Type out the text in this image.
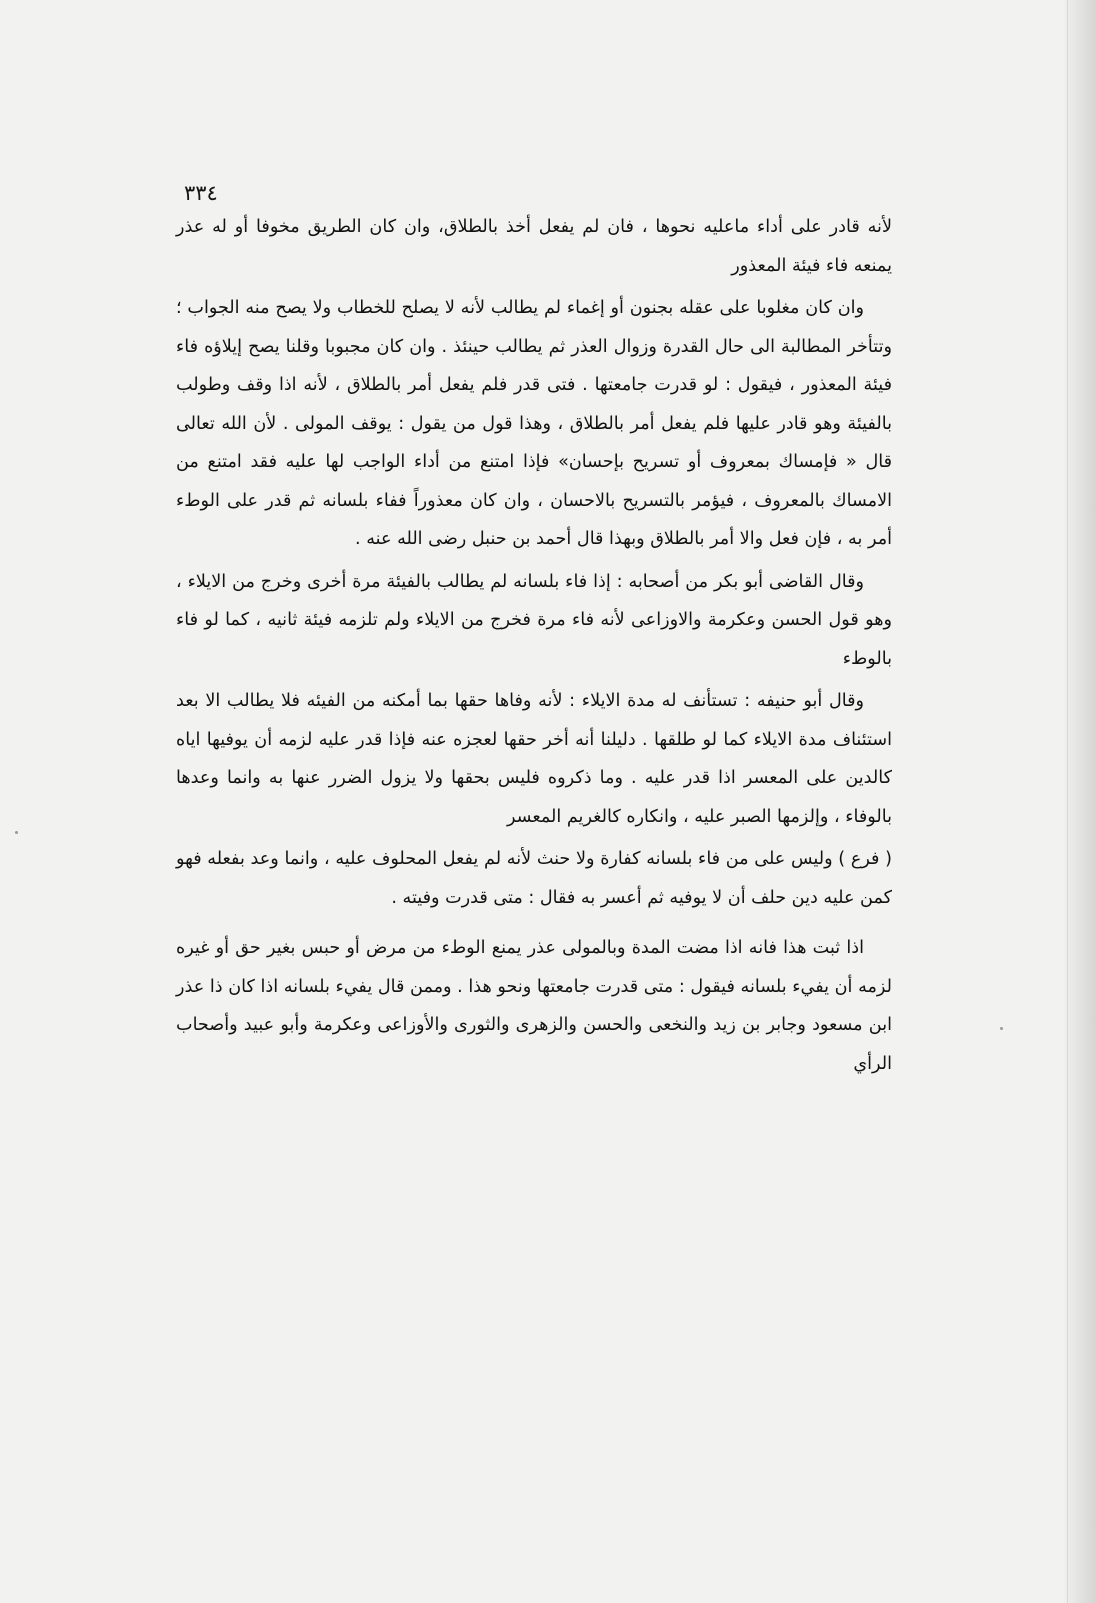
٣٣٤

لأنه قادر على أداء ماعليه نحوها ، فان لم يفعل أخذ بالطلاق، وان كان الطريق مخوفا أو له عذر يمنعه فاء فيئة المعذور

وان كان مغلوبا على عقله بجنون أو إغماء لم يطالب لأنه لا يصلح للخطاب ولا يصح منه الجواب ؛ وتتأخر المطالبة الى حال القدرة وزوال العذر ثم يطالب حينئذ . وان كان مجبوبا وقلنا يصح إيلاؤه فاء فيئة المعذور ، فيقول : لو قدرت جامعتها . فتى قدر فلم يفعل أمر بالطلاق ، لأنه اذا وقف وطولب بالفيئة وهو قادر عليها فلم يفعل أمر بالطلاق ، وهذا قول من يقول : يوقف المولى . لأن الله تعالى قال « فإمساك بمعروف أو تسريح بإحسان» فإذا امتنع من أداء الواجب لها عليه فقد امتنع من الامساك بالمعروف ، فيؤمر بالتسريح بالاحسان ، وان كان معذوراً ففاء بلسانه ثم قدر على الوطء أمر به ، فإن فعل والا أمر بالطلاق وبهذا قال أحمد بن حنبل رضى الله عنه .

وقال القاضى أبو بكر من أصحابه : إذا فاء بلسانه لم يطالب بالفيئة مرة أخرى وخرج من الايلاء ، وهو قول الحسن وعكرمة والاوزاعى لأنه فاء مرة فخرج من الايلاء ولم تلزمه فيئة ثانيه ، كما لو فاء بالوطء

وقال أبو حنيفه : تستأنف له مدة الايلاء : لأنه وفاها حقها بما أمكنه من الفيئه فلا يطالب الا بعد استئناف مدة الايلاء كما لو طلقها . دليلنا أنه أخر حقها لعجزه عنه فإذا قدر عليه لزمه أن يوفيها اياه كالدين على المعسر اذا قدر عليه . وما ذكروه فليس بحقها ولا يزول الضرر عنها به وانما وعدها بالوفاء ، وإلزمها الصبر عليه ، وانكاره كالغريم المعسر

( فرع ) وليس على من فاء بلسانه كفارة ولا حنث لأنه لم يفعل المحلوف عليه ، وانما وعد بفعله فهو كمن عليه دين حلف أن لا يوفيه ثم أعسر به فقال : متى قدرت وفيته .

اذا ثبت هذا فانه اذا مضت المدة وبالمولى عذر يمنع الوطء من مرض أو حبس بغير حق أو غيره لزمه أن يفيء بلسانه فيقول : متى قدرت جامعتها ونحو هذا . وممن قال يفيء بلسانه اذا كان ذا عذر ابن مسعود وجابر بن زيد والنخعى والحسن والزهرى والثورى والأوزاعى وعكرمة وأبو عبيد وأصحاب الرأي
